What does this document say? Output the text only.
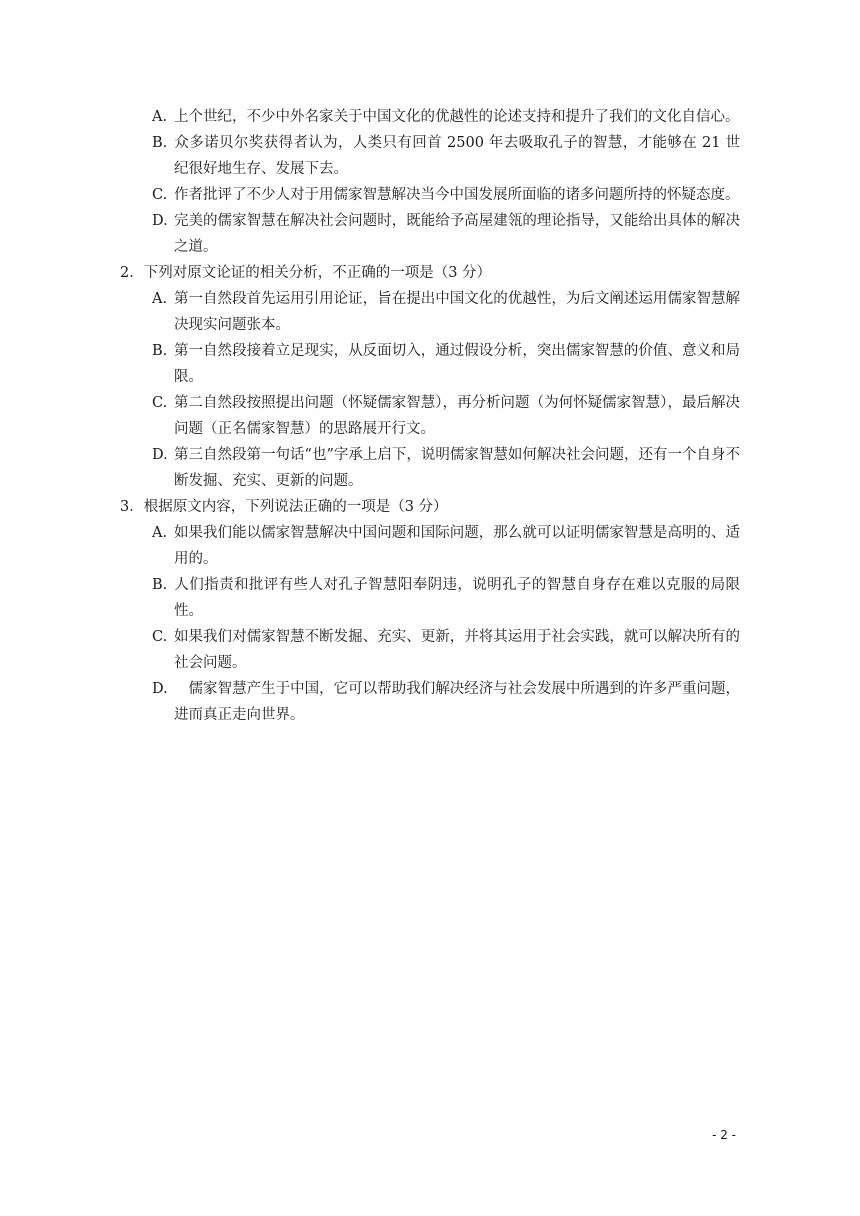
A. 上个世纪，不少中外名家关于中国文化的优越性的论述支持和提升了我们的文化自信心。
B. 众多诺贝尔奖获得者认为，人类只有回首 2500 年去吸取孔子的智慧，才能够在 21 世纪很好地生存、发展下去。
C. 作者批评了不少人对于用儒家智慧解决当今中国发展所面临的诸多问题所持的怀疑态度。
D. 完美的儒家智慧在解决社会问题时，既能给予高屋建瓴的理论指导，又能给出具体的解决之道。
2．下列对原文论证的相关分析，不正确的一项是（3 分）
A. 第一自然段首先运用引用论证，旨在提出中国文化的优越性，为后文阐述运用儒家智慧解决现实问题张本。
B. 第一自然段接着立足现实，从反面切入，通过假设分析，突出儒家智慧的价值、意义和局限。
C. 第二自然段按照提出问题（怀疑儒家智慧），再分析问题（为何怀疑儒家智慧），最后解决问题（正名儒家智慧）的思路展开行文。
D. 第三自然段第一句话“也”字承上启下，说明儒家智慧如何解决社会问题，还有一个自身不断发掘、充实、更新的问题。
3．根据原文内容，下列说法正确的一项是（3 分）
A. 如果我们能以儒家智慧解决中国问题和国际问题，那么就可以证明儒家智慧是高明的、适用的。
B. 人们指责和批评有些人对孔子智慧阳奉阴违，说明孔子的智慧自身存在难以克服的局限性。
C. 如果我们对儒家智慧不断发掘、充实、更新，并将其运用于社会实践，就可以解决所有的社会问题。
D.　儒家智慧产生于中国，它可以帮助我们解决经济与社会发展中所遇到的许多严重问题，进而真正走向世界。
- 2 -
